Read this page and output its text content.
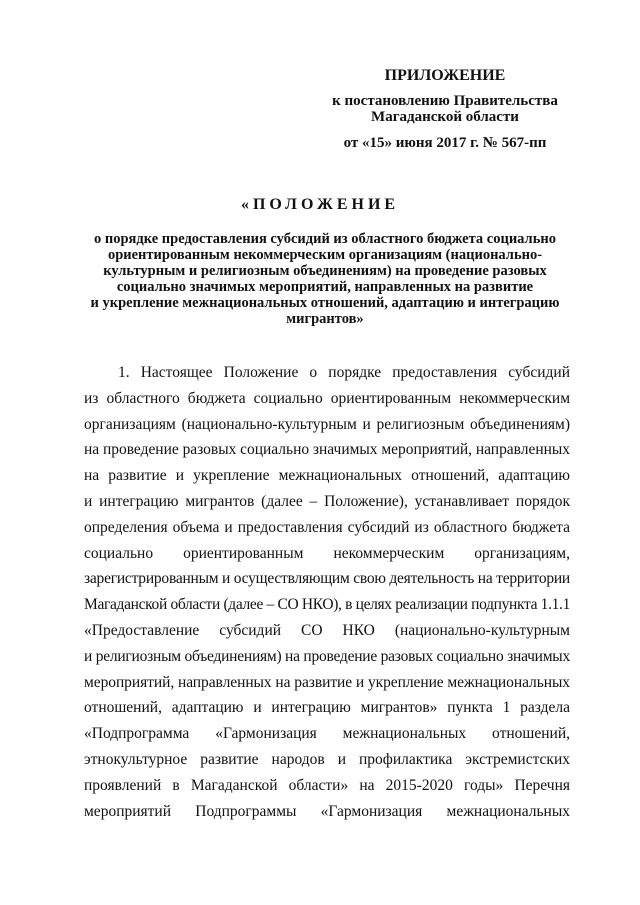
ПРИЛОЖЕНИЕ
к постановлению Правительства
Магаданской области
от «15» июня 2017 г. № 567-пп
«ПОЛОЖЕНИЕ
о порядке предоставления субсидий из областного бюджета социально
ориентированным некоммерческим организациям (национально-
культурным и религиозным объединениям) на проведение разовых
социально значимых мероприятий, направленных на развитие
и укрепление межнациональных отношений, адаптацию и интеграцию
мигрантов»
1. Настоящее Положение о порядке предоставления субсидий
из областного бюджета социально ориентированным некоммерческим
организациям (национально-культурным и религиозным объединениям)
на проведение разовых социально значимых мероприятий, направленных
на развитие и укрепление межнациональных отношений, адаптацию
и интеграцию мигрантов (далее – Положение), устанавливает порядок
определения объема и предоставления субсидий из областного бюджета
социально ориентированным некоммерческим организациям,
зарегистрированным и осуществляющим свою деятельность на территории
Магаданской области (далее – СО НКО), в целях реализации подпункта 1.1.1
«Предоставление субсидий СО НКО (национально-культурным
и религиозным объединениям) на проведение разовых социально значимых
мероприятий, направленных на развитие и укрепление межнациональных
отношений, адаптацию и интеграцию мигрантов» пункта 1 раздела
«Подпрограмма «Гармонизация межнациональных отношений,
этнокультурное развитие народов и профилактика экстремистских
проявлений в Магаданской области» на 2015-2020 годы» Перечня
мероприятий Подпрограммы «Гармонизация межнациональных
